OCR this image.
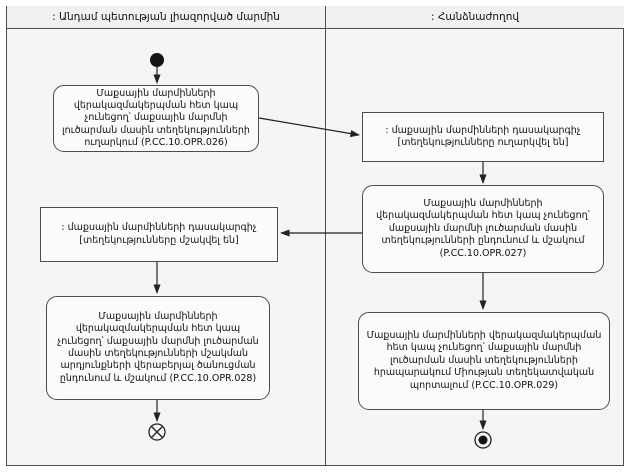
: Անդամ պետության լիազորված մարմին	: Հանձնաժողով
Մաքսային մարմինների վերակազմակերպման հետ կապ չունեցող՝ մաքսային մարմնի լուծարման մասին տեղեկությունների ուղարկում (P.CC.10.OPR.026)
: մաքսային մարմինների դասակարգիչ
[տեղեկությունները ուղարկվել են]
Մաքսային մարմինների վերակազմակերպման հետ կապ չունեցող՝ մաքսային մարմնի լուծարման մասին տեղեկությունների ընդունում և մշակում (P.CC.10.OPR.027)
: մաքսային մարմինների դասակարգիչ
[տեղեկությունները մշակվել են]
Մաքսային մարմինների վերակազմակերպման հետ կապ չունեցող՝ մաքսային մարմնի լուծարման մասին տեղեկությունների մշակման արդյունքների վերաբերյալ ծանուցման ընդունում և մշակում (P.CC.10.OPR.028)
Մաքսային մարմինների վերակազմակերպման հետ կապ չունեցող՝ մաքսային մարմնի լուծարման մասին տեղեկությունների հրապարակում Միության տեղեկատվական պորտալում (P.CC.10.OPR.029)
